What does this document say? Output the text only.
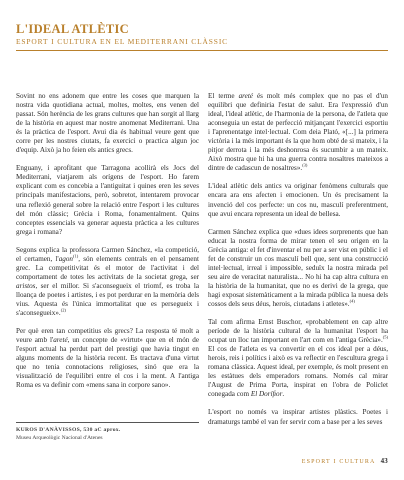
L'IDEAL ATLÈTIC
ESPORT I CULTURA EN EL MEDITERRANI CLÀSSIC

Sovint no ens adonem que entre les coses que marquen la nostra vida quotidiana actual, moltes, moltes, ens venen del passat. Són herència de les grans cultures que han sorgit al llarg de la història en aquest mar nostre anomenat Mediterrani. Una és la pràctica de l'esport. Avui dia és habitual veure gent que corre per les nostres ciutats, fa exercici o practica algun joc d'equip. Això ja ho feien els antics grecs.

Enguany, i aprofitant que Tarragona acollirà els Jocs del Mediterrani, viatjarem als orígens de l'esport. Ho farem explicant com es concebia a l'antiguitat i quines eren les seves principals manifestacions, però, sobretot, intentarem provocar una reflexió general sobre la relació entre l'esport i les cultures del món clàssic; Grècia i Roma, fonamentalment. Quins conceptes essencials va generar aquesta pràctica a les cultures grega i romana?

Segons explica la professora Carmen Sánchez, «la competició, el certamen, l'agon$^{(1)}$, són elements centrals en el pensament grec. La competitivitat és el motor de l'activitat i del comportament de totes les activitats de la societat grega, ser aristos, ser el millor. Si s'aconsegueix el triomf, es troba la lloança de poetes i artistes, i es pot perdurar en la memòria dels vius. Aquesta és l'única immortalitat que es persegueix i s'aconsegueix».$^{(2)}$

Per què eren tan competitius els grecs? La resposta té molt a veure amb l'areté, un concepte de «virtut» que en el món de l'esport actual ha perdut part del prestigi que havia tingut en alguns moments de la història recent. Es tractava d'una virtut que no tenia connotacions religioses, sinó que era la visualització de l'equilibri entre el cos i la ment. A l'antiga Roma es va definir com «mens sana in corpore sano».

KUROS D'ANÀVISSOS, 530 aC aprox.
Museu Arqueològic Nacional d'Atenes

El terme areté és molt més complex que no pas el d'un equilibri que definiria l'estat de salut. Era l'expressió d'un ideal, l'ideal atlètic, de l'harmonia de la persona, de l'atleta que aconseguia un estat de perfecció mitjançant l'exercici esportiu i l'aprenentatge intel·lectual. Com deia Plató, «[...] la primera victòria i la més important és la que hom obté de si mateix, i la pitjor derrota i la més deshonrosa és sucumbir a un mateix. Això mostra que hi ha una guerra contra nosaltres mateixos a dintre de cadascun de nosaltres».$^{(3)}$

L'ideal atlètic dels antics va originar fenòmens culturals que encara ara ens afecten i emocionen. Un és precisament la invenció del cos perfecte: un cos nu, masculí preferentment, que avui encara representa un ideal de bellesa.

Carmen Sánchez explica que «dues idees sorprenents que han educat la nostra forma de mirar tenen el seu origen en la Grècia antiga: el fet d'inventar el nu per a ser vist en públic i el fet de construir un cos masculí bell que, sent una construcció intel·lectual, irreal i impossible, seduïx la nostra mirada pel seu aire de veracitat naturalista... No hi ha cap altra cultura en la història de la humanitat, que no es derivi de la grega, que hagi exposat sistemàticament a la mirada pública la nuesa dels cossos dels seus déus, herois, ciutadans i atletes».$^{(4)}$

Tal com afirma Ernst Buschor, «probablement en cap altre període de la història cultural de la humanitat l'esport ha ocupat un lloc tan important en l'art com en l'antiga Grècia».$^{(5)}$ El cos de l'atleta es va convertir en el cos ideal per a déus, herois, reis i polítics i això es va reflectir en l'escultura grega i romana clàssica. Aquest ideal, per exemple, és molt present en les estàtues dels emperadors romans. Només cal mirar l'August de Prima Porta, inspirat en l'obra de Policlet conegada com El Doríﬁor.

L'esport no només va inspirar artistes plàstics. Poetes i dramaturgs també el van fer servir com a base per a les seves

ESPORT I CULTURA 43
